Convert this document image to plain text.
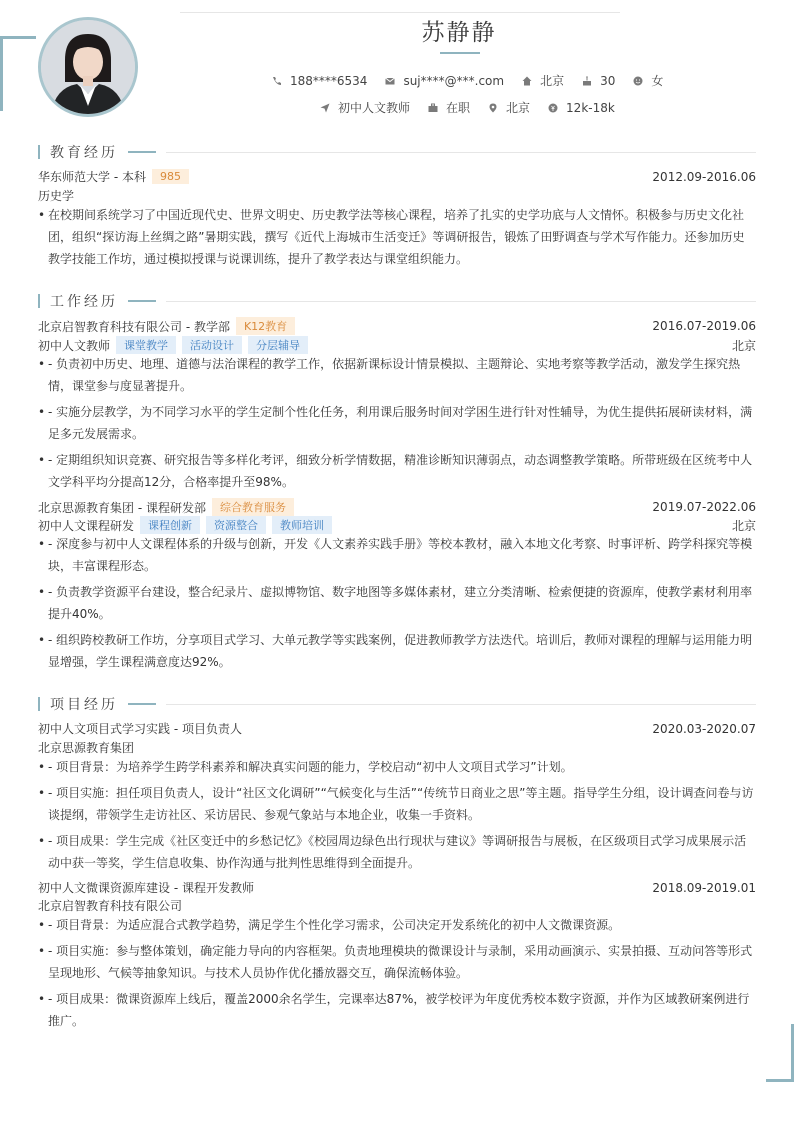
苏静静
188****6534	suj****@***.com	北京	30	女
初中人文教师	在职	北京	12k-18k
教育经历
华东师范大学 - 本科	985	2012.09-2016.06
历史学
• 在校期间系统学习了中国近现代史、世界文明史、历史教学法等核心课程，培养了扎实的史学功底与人文情怀。积极参与历史文化社团，组织“探访海上丝绸之路”暑期实践，撰写《近代上海城市生活变迁》等调研报告，锻炼了田野调查与学术写作能力。还参加历史教学技能工作坊，通过模拟授课与说课训练，提升了教学表达与课堂组织能力。
工作经历
北京启智教育科技有限公司 - 教学部	K12教育	2016.07-2019.06
初中人文教师	课堂教学	活动设计	分层辅导	北京
• - 负责初中历史、地理、道德与法治课程的教学工作，依据新课标设计情景模拟、主题辩论、实地考察等教学活动，激发学生探究热情，课堂参与度显著提升。
• - 实施分层教学，为不同学习水平的学生定制个性化任务，利用课后服务时间对学困生进行针对性辅导，为优生提供拓展研读材料，满足多元发展需求。
• - 定期组织知识竞赛、研究报告等多样化考评，细致分析学情数据，精准诊断知识薄弱点，动态调整教学策略。所带班级在区统考中人文学科平均分提高12分，合格率提升至98%。
北京思源教育集团 - 课程研发部	综合教育服务	2019.07-2022.06
初中人文课程研发	课程创新	资源整合	教师培训	北京
• - 深度参与初中人文课程体系的升级与创新，开发《人文素养实践手册》等校本教材，融入本地文化考察、时事评析、跨学科探究等模块，丰富课程形态。
• - 负责教学资源平台建设，整合纪录片、虚拟博物馆、数字地图等多媒体素材，建立分类清晰、检索便捷的资源库，使教学素材利用率提升40%。
• - 组织跨校教研工作坊，分享项目式学习、大单元教学等实践案例，促进教师教学方法迭代。培训后，教师对课程的理解与运用能力明显增强，学生课程满意度达92%。
项目经历
初中人文项目式学习实践 - 项目负责人	2020.03-2020.07
北京思源教育集团
• - 项目背景：为培养学生跨学科素养和解决真实问题的能力，学校启动“初中人文项目式学习”计划。
• - 项目实施：担任项目负责人，设计“社区文化调研”“气候变化与生活”“传统节日商业之思”等主题。指导学生分组，设计调查问卷与访谈提纲，带领学生走访社区、采访居民、参观气象站与本地企业，收集一手资料。
• - 项目成果：学生完成《社区变迁中的乡愁记忆》《校园周边绿色出行现状与建议》等调研报告与展板，在区级项目式学习成果展示活动中获一等奖，学生信息收集、协作沟通与批判性思维得到全面提升。
初中人文微课资源库建设 - 课程开发教师	2018.09-2019.01
北京启智教育科技有限公司
• - 项目背景：为适应混合式教学趋势，满足学生个性化学习需求，公司决定开发系统化的初中人文微课资源。
• - 项目实施：参与整体策划，确定能力导向的内容框架。负责地理模块的微课设计与录制，采用动画演示、实景拍摄、互动问答等形式呈现地形、气候等抽象知识。与技术人员协作优化播放器交互，确保流畅体验。
• - 项目成果：微课资源库上线后，覆盖2000余名学生，完课率达87%，被学校评为年度优秀校本数字资源，并作为区域教研案例进行推广。
